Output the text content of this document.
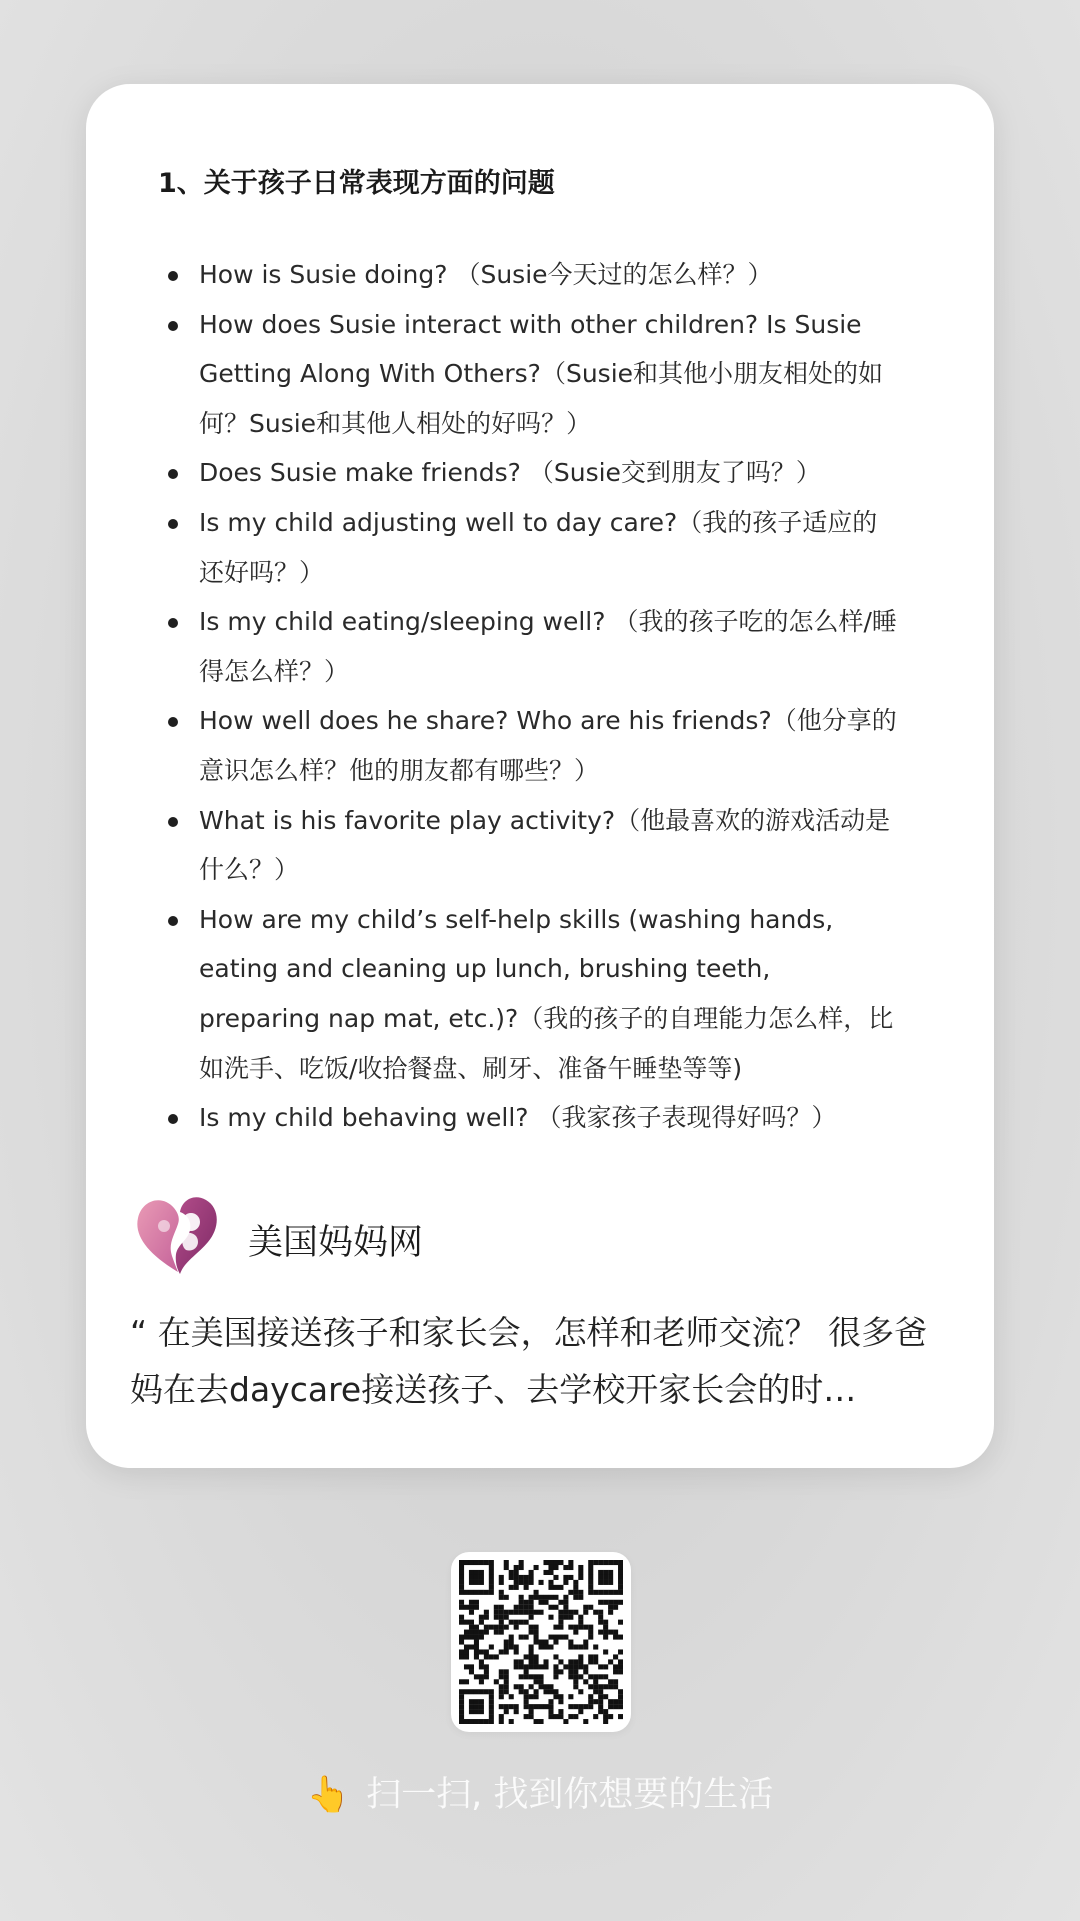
1、关于孩子日常表现方面的问题
How is Susie doing? （Susie今天过的怎么样？）
How does Susie interact with other children? Is Susie Getting Along With Others?（Susie和其他小朋友相处的如何？Susie和其他人相处的好吗？）
Does Susie make friends? （Susie交到朋友了吗？）
Is my child adjusting well to day care?（我的孩子适应的还好吗？）
Is my child eating/sleeping well? （我的孩子吃的怎么样/睡得怎么样？）
How well does he share? Who are his friends?（他分享的意识怎么样？他的朋友都有哪些？）
What is his favorite play activity?（他最喜欢的游戏活动是什么？）
How are my child’s self-help skills (washing hands, eating and cleaning up lunch, brushing teeth, preparing nap mat, etc.)?（我的孩子的自理能力怎么样，比如洗手、吃饭/收拾餐盘、刷牙、准备午睡垫等等)
Is my child behaving well? （我家孩子表现得好吗？）
美国妈妈网
“ 在美国接送孩子和家长会，怎样和老师交流？ 很多爸妈在去daycare接送孩子、去学校开家长会的时…
👆 扫一扫, 找到你想要的生活
